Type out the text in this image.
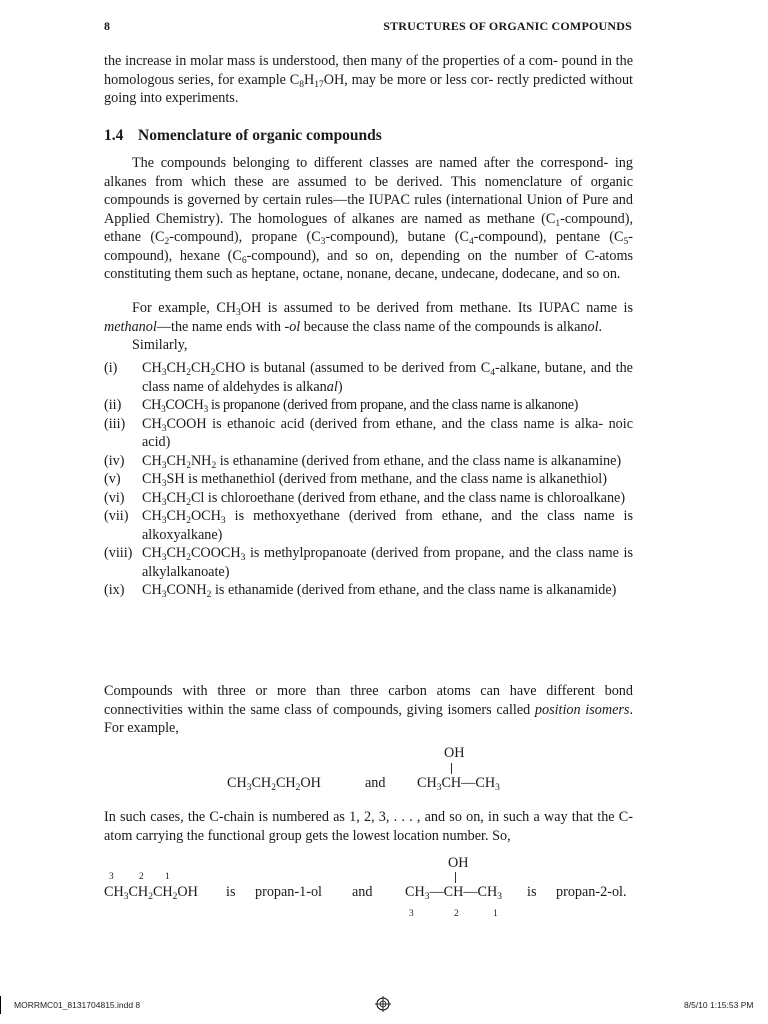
8	STRUCTURES OF ORGANIC COMPOUNDS
the increase in molar mass is understood, then many of the properties of a com- pound in the homologous series, for example $C_8H_{17}OH$, may be more or less cor- rectly predicted without going into experiments.
1.4 Nomenclature of organic compounds

The compounds belonging to different classes are named after the correspond- ing alkanes from which these are assumed to be derived. This nomenclature of organic compounds is governed by certain rules—the IUPAC rules (international Union of Pure and Applied Chemistry). The homologues of alkanes are named as methane $(C_1-compound)$, ethane $(C_2-compound)$, propane $(C_3-compound)$, butane $(C_4-compound)$, pentane $(C_5-compound)$, hexane $(C_6-compound)$, and so on, depending on the number of C-atoms constituting them such as heptane, octane, nonane, decane, undecane, dodecane, and so on.

For example, $CH_3OH$ is assumed to be derived from methane. Its IUPAC name is methanol—the name ends with -ol because the class name of the compounds is alkanol.

Similarly,

(i)	$CH_3CH_2CH_2CHO$ is butanal (assumed to be derived from $C_4$-alkane, butane, and the class name of aldehydes is alkanal)
(ii)	$CH_3COCH_3$ is propanone (derived from propane, and the class name is alkanone)
(iii)	$CH_3COOH$ is ethanoic acid (derived from ethane, and the class name is alka- noic acid)
(iv)	$CH_3CH_2NH_2$ is ethanamine (derived from ethane, and the class name is alkanamine)
(v)	$CH_3SH$ is methanethiol (derived from methane, and the class name is alkanethiol)
(vi)	$CH_3CH_2Cl$ is chloroethane (derived from ethane, and the class name is chloroalkane)
(vii) $CH_3CH_2OCH_3$ is methoxyethane (derived from ethane, and the class name is alkoxyalkane)
(viii) $CH_3CH_2COOCH_3$ is methylpropanoate (derived from propane, and the class name is alkylalkanoate)
(ix)	$CH_3CONH_2$ is ethanamide (derived from ethane, and the class name is alkanamide)
Compounds with three or more than three carbon atoms can have different bond connectivities within the same class of compounds, giving isomers called position isomers. For example,
OH
$CH_3CH_2CH_2OH$	and $CH_3CH—CH_3$
In such cases, the C-chain is numbered as 1, 2, 3, . . . , and so on, in such a way that the C-atom carrying the functional group gets the lowest location number. So,
3	2 1
$CH_3CH_2CH_2OH$ is propan-1-ol and
OH
$CH_3—CH—CH_3$ is propan-2-ol.
3	2	1
MORRMC01_8131704815.indd 8	8/5/10 1:15:53 PM
